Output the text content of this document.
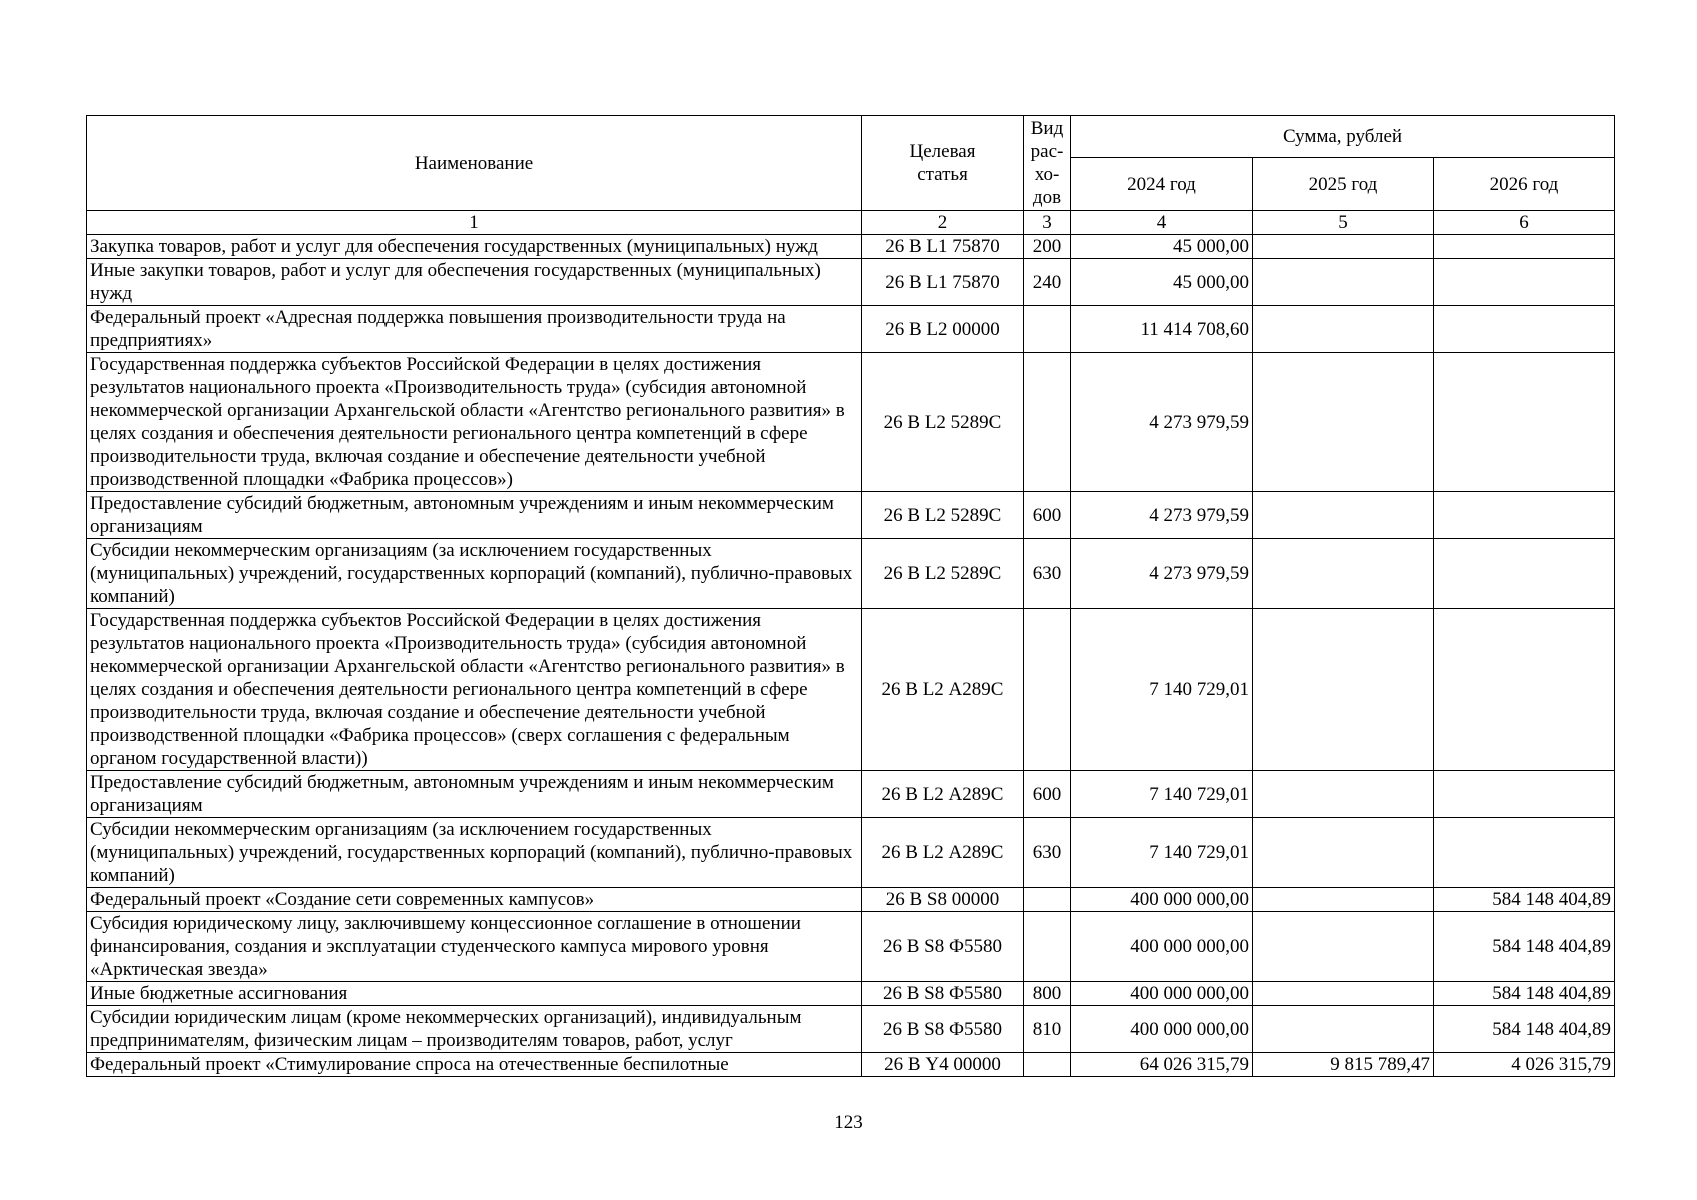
Наименование	Целевая статья	Вид
рас-
хо-
дов	Сумма, рублей		
			2024 год	2025 год	2026 год
1	2	3	4	5	6
Закупка товаров, работ и услуг для обеспечения государственных (муниципальных) нужд	26 В L1 75870	200	45 000,00		
Иные закупки товаров, работ и услуг для обеспечения государственных (муниципальных) нужд	26 В L1 75870	240	45 000,00		
Федеральный проект «Адресная поддержка повышения производительности труда на предприятиях»	26 В L2 00000		11 414 708,60		
Государственная поддержка субъектов Российской Федерации в целях достижения результатов национального проекта «Производительность труда» (субсидия автономной некоммерческой организации Архангельской области «Агентство регионального развития» в целях создания и обеспечения деятельности регионального центра компетенций в сфере производительности труда, включая создание и обеспечение деятельности учебной производственной площадки «Фабрика процессов»)	26 В L2 5289C		4 273 979,59		
Предоставление субсидий бюджетным, автономным учреждениям и иным некоммерческим организациям	26 В L2 5289C	600	4 273 979,59		
Субсидии некоммерческим организациям (за исключением государственных (муниципальных) учреждений, государственных корпораций (компаний), публично-правовых компаний)	26 В L2 5289C	630	4 273 979,59		
Государственная поддержка субъектов Российской Федерации в целях достижения результатов национального проекта «Производительность труда» (субсидия автономной некоммерческой организации Архангельской области «Агентство регионального развития» в целях создания и обеспечения деятельности регионального центра компетенций в сфере производительности труда, включая создание и обеспечение деятельности учебной производственной площадки «Фабрика процессов» (сверх соглашения с федеральным органом государственной власти))	26 В L2 А289C		7 140 729,01		
Предоставление субсидий бюджетным, автономным учреждениям и иным некоммерческим организациям	26 В L2 А289C	600	7 140 729,01		
Субсидии некоммерческим организациям (за исключением государственных (муниципальных) учреждений, государственных корпораций (компаний), публично-правовых компаний)	26 В L2 А289C	630	7 140 729,01		
Федеральный проект «Создание сети современных кампусов»	26 В S8 00000		400 000 000,00		584 148 404,89
Субсидия юридическому лицу, заключившему концессионное соглашение в отношении финансирования, создания и эксплуатации студенческого кампуса мирового уровня «Арктическая звезда»	26 В S8 Ф5580		400 000 000,00		584 148 404,89
Иные бюджетные ассигнования	26 В S8 Ф5580	800	400 000 000,00		584 148 404,89
Субсидии юридическим лицам (кроме некоммерческих организаций), индивидуальным предпринимателям, физическим лицам – производителям товаров, работ, услуг	26 В S8 Ф5580	810	400 000 000,00		584 148 404,89
Федеральный проект «Стимулирование спроса на отечественные беспилотные	26 В Y4 00000		64 026 315,79	9 815 789,47	4 026 315,79
123
